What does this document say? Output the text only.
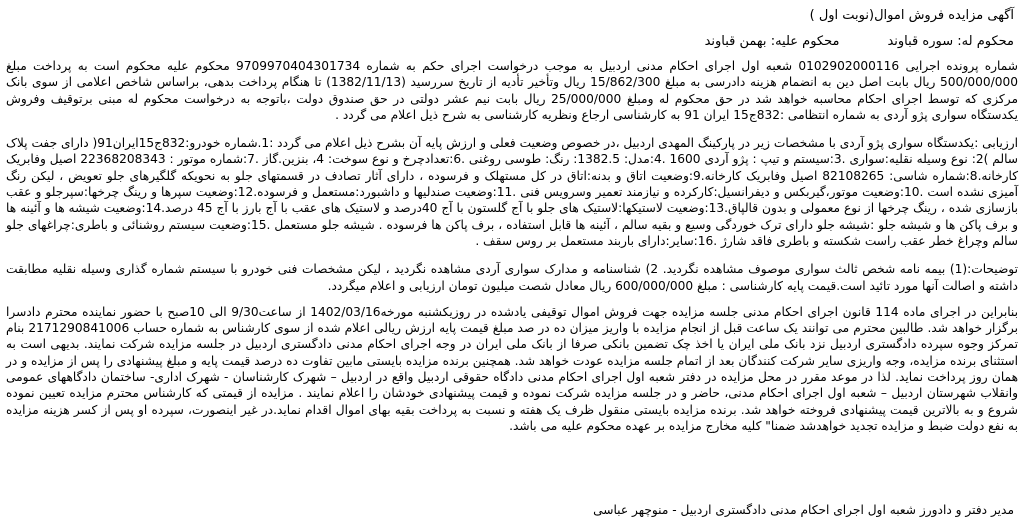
آگهی مزایده فروش اموال(نوبت اول )
محکوم له: سوره قباوند
محکوم علیه: بهمن قباوند

شماره پرونده اجرایی 0102902000116 شعبه اول اجرای احکام مدنی اردبیل به موجب درخواست اجرای حکم به شماره 9709970404301734 محکوم علیه محکوم است به پرداخت مبلغ 500/000/000 ریال بابت اصل دین به انضمام هزینه دادرسی به مبلغ 15/862/300 ریال وتأخیر تأدیه از تاریخ سررسید (1382/11/13) تا هنگام پرداخت بدهی، براساس شاخص اعلامی از سوی بانک مرکزی که توسط اجرای احکام محاسبه خواهد شد در حق محکوم له ومبلغ 25/000/000 ریال بابت نیم عشر دولتی در حق صندوق دولت ،باتوجه به درخواست محکوم له مبنی برتوقیف وفروش یکدستگاه سواری پژو آردی به شماره انتظامی :832ج15 ایران 91 به کارشناسی ارجاع ونظریه کارشناسی به شرح ذیل اعلام می گردد .

ارزیابی :یکدستگاه سواری پژو آردی با مشخصات زیر در پارکینگ المهدی اردبیل ،در خصوص وضعیت فعلی و ارزش پایه آن بشرح ذیل اعلام می گردد :1.شماره خودرو:832ج15ایران91( دارای جفت پلاک سالم )2: نوع وسیله نقلیه:سواری .3:سیستم و تیپ : پژو آردی 1600 .4:مدل: 1382.5: رنگ: طوسی روغنی .6:تعدادچرخ و نوع سوخت: 4، بنزین.گاز .7:شماره موتور : 22368208343 اصیل وفابریک کارخانه.8:شماره شاسی: 82108265 اصیل وفابریک کارخانه.9:وضعیت اتاق و بدنه:اتاق در کل مستهلک و فرسوده ، دارای آثار تصادف در قسمتهای جلو به نحویکه گلگیرهای جلو تعویض ، لیکن رنگ آمیزی نشده است .10:وضعیت موتور،گیربکس و دیفرانسیل:کارکرده و نیازمند تعمیر وسرویس فنی .11:وضعیت صندلیها و داشبورد:مستعمل و فرسوده.12:وضعیت سپرها و رینگ چرخها:سپرجلو و عقب بازسازی شده ، رینگ چرخها از نوع معمولی و بدون قالپاق.13:وضعیت لاستیکها:لاستیک های جلو با آج گلستون با آج 40درصد و لاستیک های عقب با آج بارز با آج 45 درصد.14:وضعیت شیشه ها و آئینه ها و برف پاکن ها و شیشه جلو :شیشه جلو دارای ترک خوردگی وسیع و بقیه سالم ، آئینه ها قابل استفاده ، برف پاکن ها فرسوده . شیشه جلو مستعمل .15:وضعیت سیستم روشنائی و باطری:چراغهای جلو سالم وچراغ خطر عقب راست شکسته و باطری فاقد شارژ .16:سایر:دارای باربند مستعمل بر روس سقف .

توضیحات:(1) بیمه نامه شخص ثالث سواری موصوف مشاهده نگردید. 2) شناسنامه و مدارک سواری آردی مشاهده نگردید ، لیکن مشخصات فنی خودرو با سیستم شماره گذاری وسیله نقلیه مطابقت داشته و اصالت آنها مورد تائید است.قیمت پایه کارشناسی : مبلغ 600/000/000 ریال معادل شصت میلیون تومان ارزیابی و اعلام میگردد.

بنابراین در اجرای ماده 114 قانون اجرای احکام مدنی جلسه مزایده جهت فروش اموال توقیفی یادشده در روزیکشنبه مورخه1402/03/16 از ساعت9/30 الی 10صبح با حضور نماینده محترم دادسرا برگزار خواهد شد. طالبین محترم می توانند یک ساعت قبل از انجام مزایده با واریز میزان ده در صد مبلغ قیمت پایه ارزش ریالی اعلام شده از سوی کارشناس به شماره حساب 2171290841006 بنام تمرکز وجوه سپرده دادگستری اردبیل نزد بانک ملی ایران یا اخذ چک تضمین بانکی صرفا از بانک ملی ایران در وجه اجرای احکام مدنی دادگستری اردبیل در جلسه مزایده شرکت نمایند. بدیهی است به استثنای برنده مزایده، وجه واریزی سایر شرکت کنندگان بعد از اتمام جلسه مزایده عودت خواهد شد. همچنین برنده مزایده بایستی مابین تفاوت ده درصد قیمت پایه و مبلغ پیشنهادی را پس از مزایده و در همان روز پرداخت نماید. لذا در موعد مقرر در محل مزایده در دفتر شعبه اول اجرای احکام مدنی دادگاه حقوقی اردبیل واقع در اردبیل – شهرک کارشناسان - شهرک اداری- ساختمان دادگاههای عمومی وانقلاب شهرستان اردبیل – شعبه اول اجرای احکام مدنی، حاضر و در جلسه مزایده شرکت نموده و قیمت پیشنهادی خودشان را اعلام نمایند . مزایده از قیمتی که کارشناس محترم مزایده تعیین نموده شروع و به بالاترین قیمت پیشنهادی فروخته خواهد شد. برنده مزایده بایستی منقول ظرف یک هفته و نسبت به پرداخت بقیه بهای اموال اقدام نماید.در غیر اینصورت، سپرده او پس از کسر هزینه مزایده به نفع دولت ضبط و مزایده تجدید خواهدشد ضمنا" کلیه مخارج مزایده بر عهده محکوم علیه می باشد.

مدیر دفتر و دادورز شعبه اول اجرای احکام مدنی دادگستری اردبیل - منوچهر عباسی
